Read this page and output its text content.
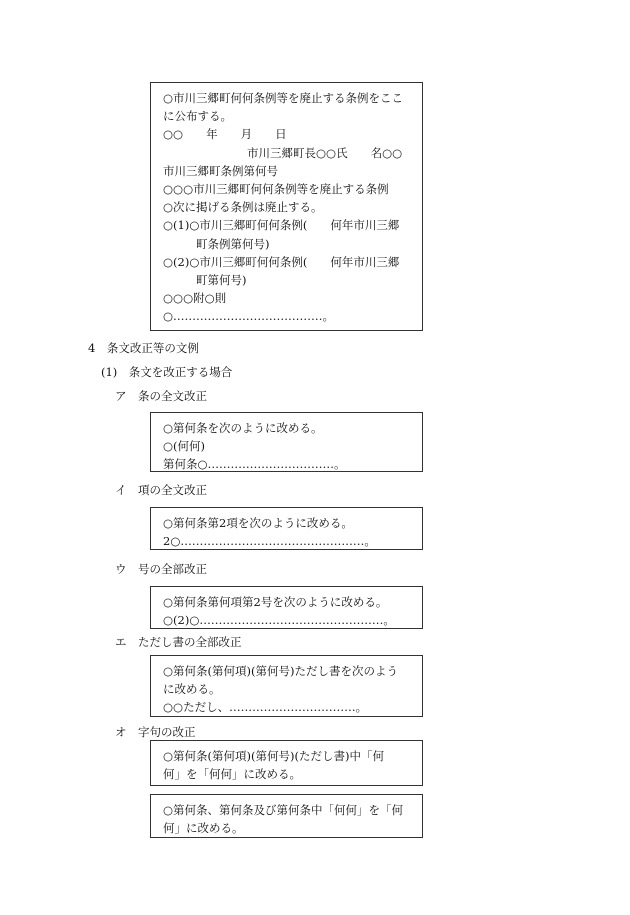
○市川三郷町何何条例等を廃止する条例をここ
に公布する。
○○　　年　　月　　日
市川三郷町長○○氏　　名○○
市川三郷町条例第何号
○○○市川三郷町何何条例等を廃止する条例
○次に掲げる条例は廃止する。
○(1)○市川三郷町何何条例(　　何年市川三郷
町条例第何号)
○(2)○市川三郷町何何条例(　　何年市川三郷
町第何号)
○○○附○則
○…………………………………。
4　条文改正等の文例
(1)　条文を改正する場合
ア　条の全文改正
○第何条を次のように改める。
○(何何)
第何条○……………………………。
イ　項の全文改正
○第何条第2項を次のように改める。
2○…………………………………………。
ウ　号の全部改正
○第何条第何項第2号を次のように改める。
○(2)○…………………………………………。
エ　ただし書の全部改正
○第何条(第何項)(第何号)ただし書を次のよう
に改める。
○○ただし、……………………………。
オ　字句の改正
○第何条(第何項)(第何号)(ただし書)中「何
何」を「何何」に改める。
○第何条、第何条及び第何条中「何何」を「何
何」に改める。
